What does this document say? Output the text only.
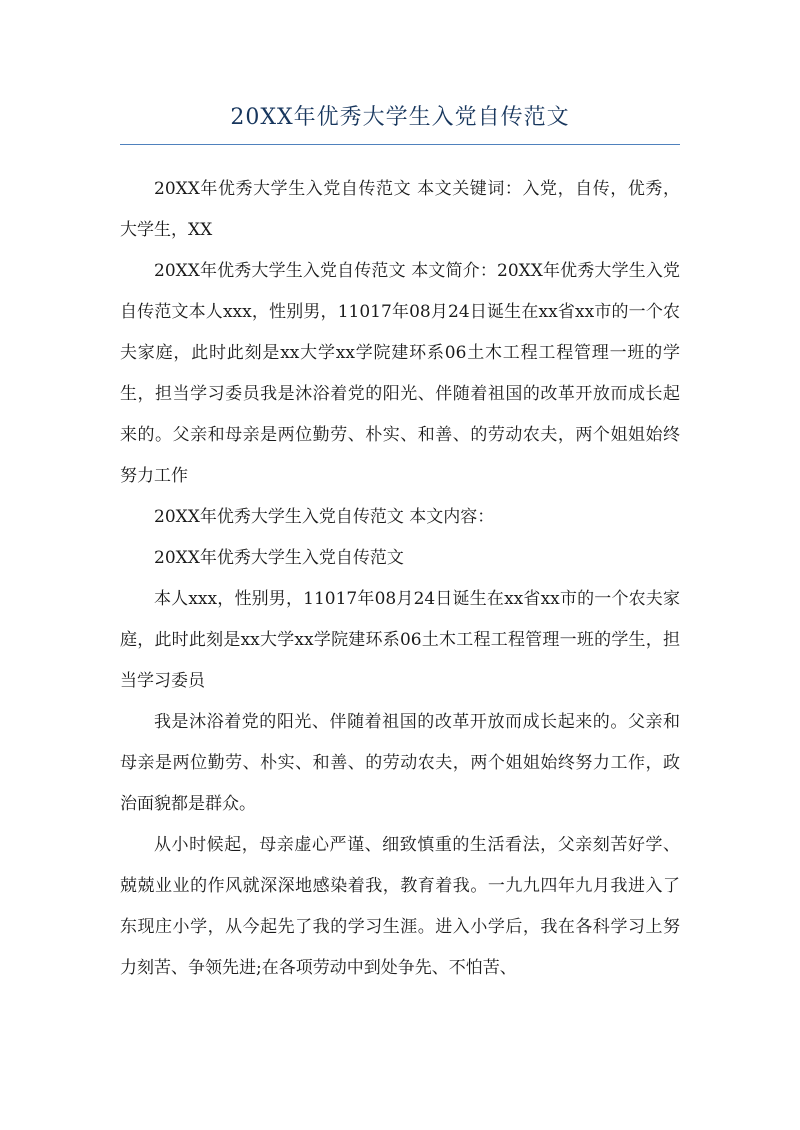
20XX年优秀大学生入党自传范文

20XX年优秀大学生入党自传范文 本文关键词：入党，自传，优秀，大学生，XX

20XX年优秀大学生入党自传范文 本文简介：20XX年优秀大学生入党自传范文本人xxx，性别男，11017年08月24日诞生在xx省xx市的一个农夫家庭，此时此刻是xx大学xx学院建环系06土木工程工程管理一班的学生，担当学习委员我是沐浴着党的阳光、伴随着祖国的改革开放而成长起来的。父亲和母亲是两位勤劳、朴实、和善、的劳动农夫，两个姐姐始终努力工作

20XX年优秀大学生入党自传范文 本文内容：

20XX年优秀大学生入党自传范文

本人xxx，性别男，11017年08月24日诞生在xx省xx市的一个农夫家庭，此时此刻是xx大学xx学院建环系06土木工程工程管理一班的学生，担当学习委员

我是沐浴着党的阳光、伴随着祖国的改革开放而成长起来的。父亲和母亲是两位勤劳、朴实、和善、的劳动农夫，两个姐姐始终努力工作，政治面貌都是群众。

从小时候起，母亲虚心严谨、细致慎重的生活看法，父亲刻苦好学、兢兢业业的作风就深深地感染着我，教育着我。一九九四年九月我进入了东现庄小学，从今起先了我的学习生涯。进入小学后，我在各科学习上努力刻苦、争领先进;在各项劳动中到处争先、不怕苦、
